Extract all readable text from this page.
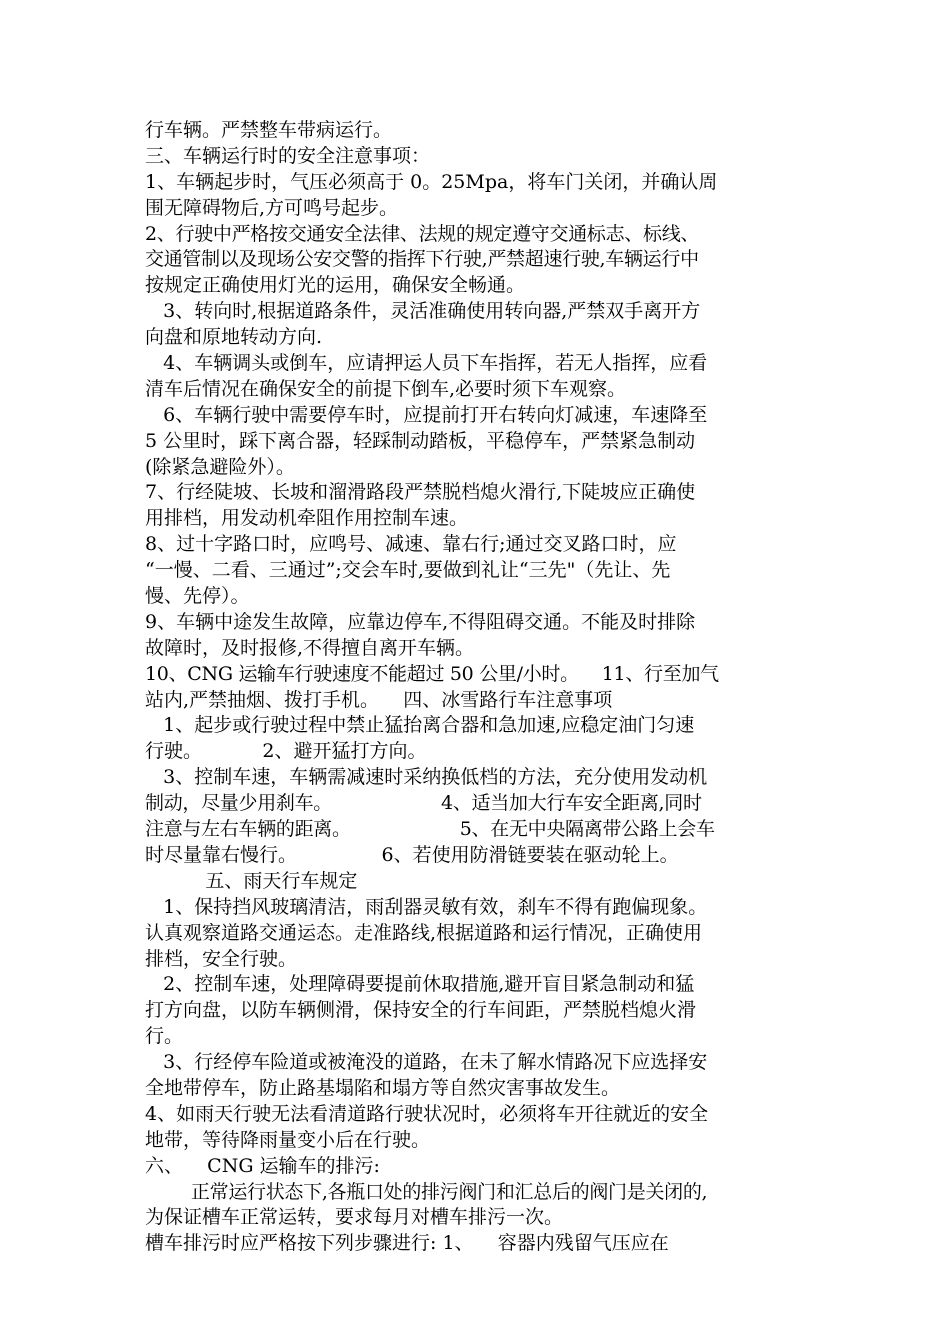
行车辆。严禁整车带病运行。
三、车辆运行时的安全注意事项：
1、车辆起步时，气压必须高于 0。25Mpa，将车门关闭，并确认周
围无障碍物后,方可鸣号起步。
2、行驶中严格按交通安全法律、法规的规定遵守交通标志、标线、
交通管制以及现场公安交警的指挥下行驶,严禁超速行驶,车辆运行中
按规定正确使用灯光的运用，确保安全畅通。
3、转向时,根据道路条件，灵活准确使用转向器,严禁双手离开方
向盘和原地转动方向.
4、车辆调头或倒车，应请押运人员下车指挥，若无人指挥，应看
清车后情况在确保安全的前提下倒车,必要时须下车观察。
6、车辆行驶中需要停车时，应提前打开右转向灯减速，车速降至
5 公里时，踩下离合器，轻踩制动踏板，平稳停车，严禁紧急制动
(除紧急避险外）。
7、行经陡坡、长坡和溜滑路段严禁脱档熄火滑行,下陡坡应正确使
用排档，用发动机牵阻作用控制车速。
8、过十字路口时，应鸣号、减速、靠右行;通过交叉路口时，应
“一慢、二看、三通过”;交会车时,要做到礼让“三先"（先让、先
慢、先停）。
9、车辆中途发生故障，应靠边停车,不得阻碍交通。不能及时排除
故障时，及时报修,不得擅自离开车辆。
10、CNG 运输车行驶速度不能超过 50 公里/小时。    11、行至加气
站内,严禁抽烟、拨打手机。    四、冰雪路行车注意事项
1、起步或行驶过程中禁止猛抬离合器和急加速,应稳定油门匀速
行驶。          2、避开猛打方向。
3、控制车速，车辆需减速时采纳换低档的方法，充分使用发动机
制动，尽量少用刹车。                   4、适当加大行车安全距离,同时
注意与左右车辆的距离。                   5、在无中央隔离带公路上会车
时尽量靠右慢行。              6、若使用防滑链要装在驱动轮上。
五、雨天行车规定
1、保持挡风玻璃清洁，雨刮器灵敏有效，刹车不得有跑偏现象。
认真观察道路交通运态。走准路线,根据道路和运行情况，正确使用
排档，安全行驶。
2、控制车速，处理障碍要提前休取措施,避开盲目紧急制动和猛
打方向盘，以防车辆侧滑，保持安全的行车间距，严禁脱档熄火滑
行。
3、行经停车险道或被淹没的道路，在未了解水情路况下应选择安
全地带停车，防止路基塌陷和塌方等自然灾害事故发生。
4、如雨天行驶无法看清道路行驶状况时，必须将车开往就近的安全
地带，等待降雨量变小后在行驶。
六、    CNG 运输车的排污:
正常运行状态下,各瓶口处的排污阀门和汇总后的阀门是关闭的,
为保证槽车正常运转，要求每月对槽车排污一次。
槽车排污时应严格按下列步骤进行: 1、    容器内残留气压应在
